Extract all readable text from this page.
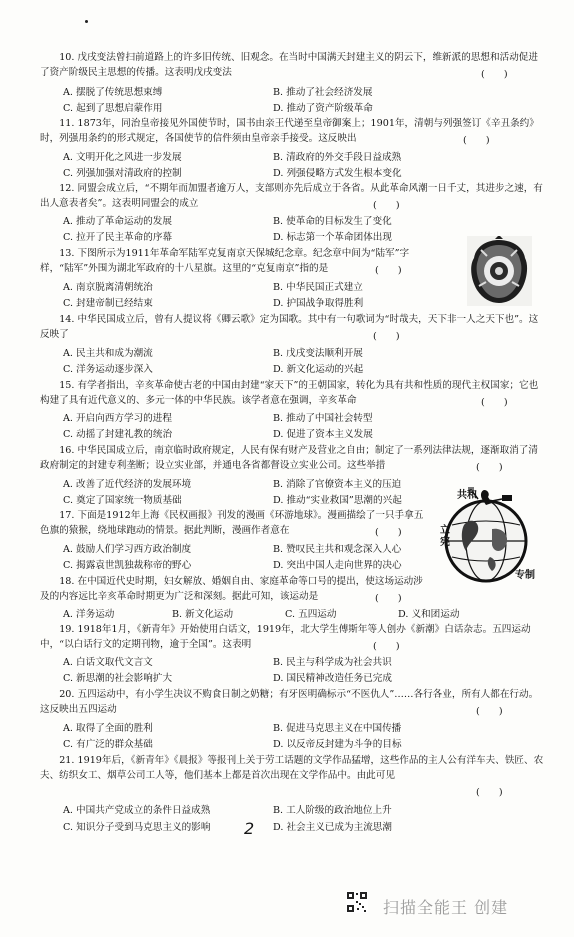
10. 戊戌变法曾扫前道路上的许多旧传统、旧观念。在当时中国满天封建主义的阴云下，维新派的思想和活动促进了资产阶级民主思想的传播。这表明戊戌变法	(　　)
A. 摆脱了传统思想束缚	B. 推动了社会经济发展
C. 起到了思想启蒙作用	D. 推动了资产阶级革命
11. 1873年，同治皇帝接见外国使节时，国书由亲王代递至皇帝御案上；1901年，清朝与列强签订《辛丑条约》时，列强用条约的形式规定，各国使节的信件须由皇帝亲手接受。这反映出	(　　)
A. 文明开化之风进一步发展	B. 清政府的外交手段日益成熟
C. 列强加强对清政府的控制	D. 列强侵略方式发生根本变化
12. 同盟会成立后，“不期年而加盟者逾万人，支部则亦先后成立于各省。从此革命风潮一日千丈，其进步之速，有出人意表者矣”。这表明同盟会的成立	(　　)
A. 推动了革命运动的发展	B. 使革命的目标发生了变化
C. 拉开了民主革命的序幕	D. 标志第一个革命团体出现
13. 下图所示为1911年革命军陆军克复南京天保城纪念章。纪念章中间为“陆军”字样，“陆军”外围为湖北军政府的十八星旗。这里的“克复南京”指的是	(　　)
A. 南京脱离清朝统治	B. 中华民国正式建立
C. 封建帝制已经结束	D. 护国战争取得胜利
14. 中华民国成立后，曾有人提议将《卿云歌》定为国歌。其中有一句歌词为“时哉夫，天下非一人之天下也”。这反映了	(　　)
A. 民主共和成为潮流	B. 戊戌变法顺利开展
C. 洋务运动逐步深入	D. 新文化运动的兴起
15. 有学者指出，辛亥革命使古老的中国由封建“家天下”的王朝国家，转化为具有共和性质的现代主权国家；它也构建了具有近代意义的、多元一体的中华民族。该学者意在强调，辛亥革命	(　　)
A. 开启向西方学习的进程	B. 推动了中国社会转型
C. 动摇了封建礼教的统治	D. 促进了资本主义发展
16. 中华民国成立后，南京临时政府规定，人民有保有财产及营业之自由；制定了一系列法律法规，逐渐取消了清政府制定的封建专利垄断；设立实业部，并通电各省都督设立实业公司。这些举措	(　　)
A. 改善了近代经济的发展环境	B. 消除了官僚资本主义的压迫
C. 奠定了国家统一物质基础	D. 推动“实业救国”思潮的兴起	共和
立宪
专制
17. 下面是1912年上海《民权画报》刊发的漫画《环游地球》。漫画描绘了一只手拿五色旗的猿猴，绕地球跑动的情景。据此判断，漫画作者意在	(　　)
A. 鼓励人们学习西方政治制度	B. 赞叹民主共和观念深入人心
C. 揭露袁世凯独裁称帝的野心	D. 突出中国人走向世界的决心
18. 在中国近代史时期，妇女解放、婚姻自由、家庭革命等口号的提出，使这场运动涉及的内容远比辛亥革命时期更为广泛和深刻。据此可知，该运动是	(　　)
A. 洋务运动	B. 新文化运动	C. 五四运动	D. 义和团运动
19. 1918年1月，《新青年》开始使用白话文，1919年，北大学生傅斯年等人创办《新潮》白话杂志。五四运动中，“以白话行文的定期刊物，逾于全国”。这表明	(　　)
A. 白话文取代文言文	B. 民主与科学成为社会共识
C. 新思潮的社会影响扩大	D. 国民精神改造任务已完成
20. 五四运动中，有小学生决议不购食日制之奶糖；有牙医明确标示“不医仇人”……各行各业，所有人都在行动。这反映出五四运动	(　　)
A. 取得了全面的胜利	B. 促进马克思主义在中国传播
C. 有广泛的群众基础	D. 以反帝反封建为斗争的目标
21. 1919年后，《新青年》《晨报》等报刊上关于劳工话题的文学作品猛增，这些作品的主人公有洋车夫、铁匠、农夫、纺织女工、烟草公司工人等，他们基本上都是首次出现在文学作品中。由此可见
(　　)
A. 中国共产党成立的条件日益成熟	B. 工人阶级的政治地位上升
C. 知识分子受到马克思主义的影响	D. 社会主义已成为主流思潮
2
扫描全能王 创建
